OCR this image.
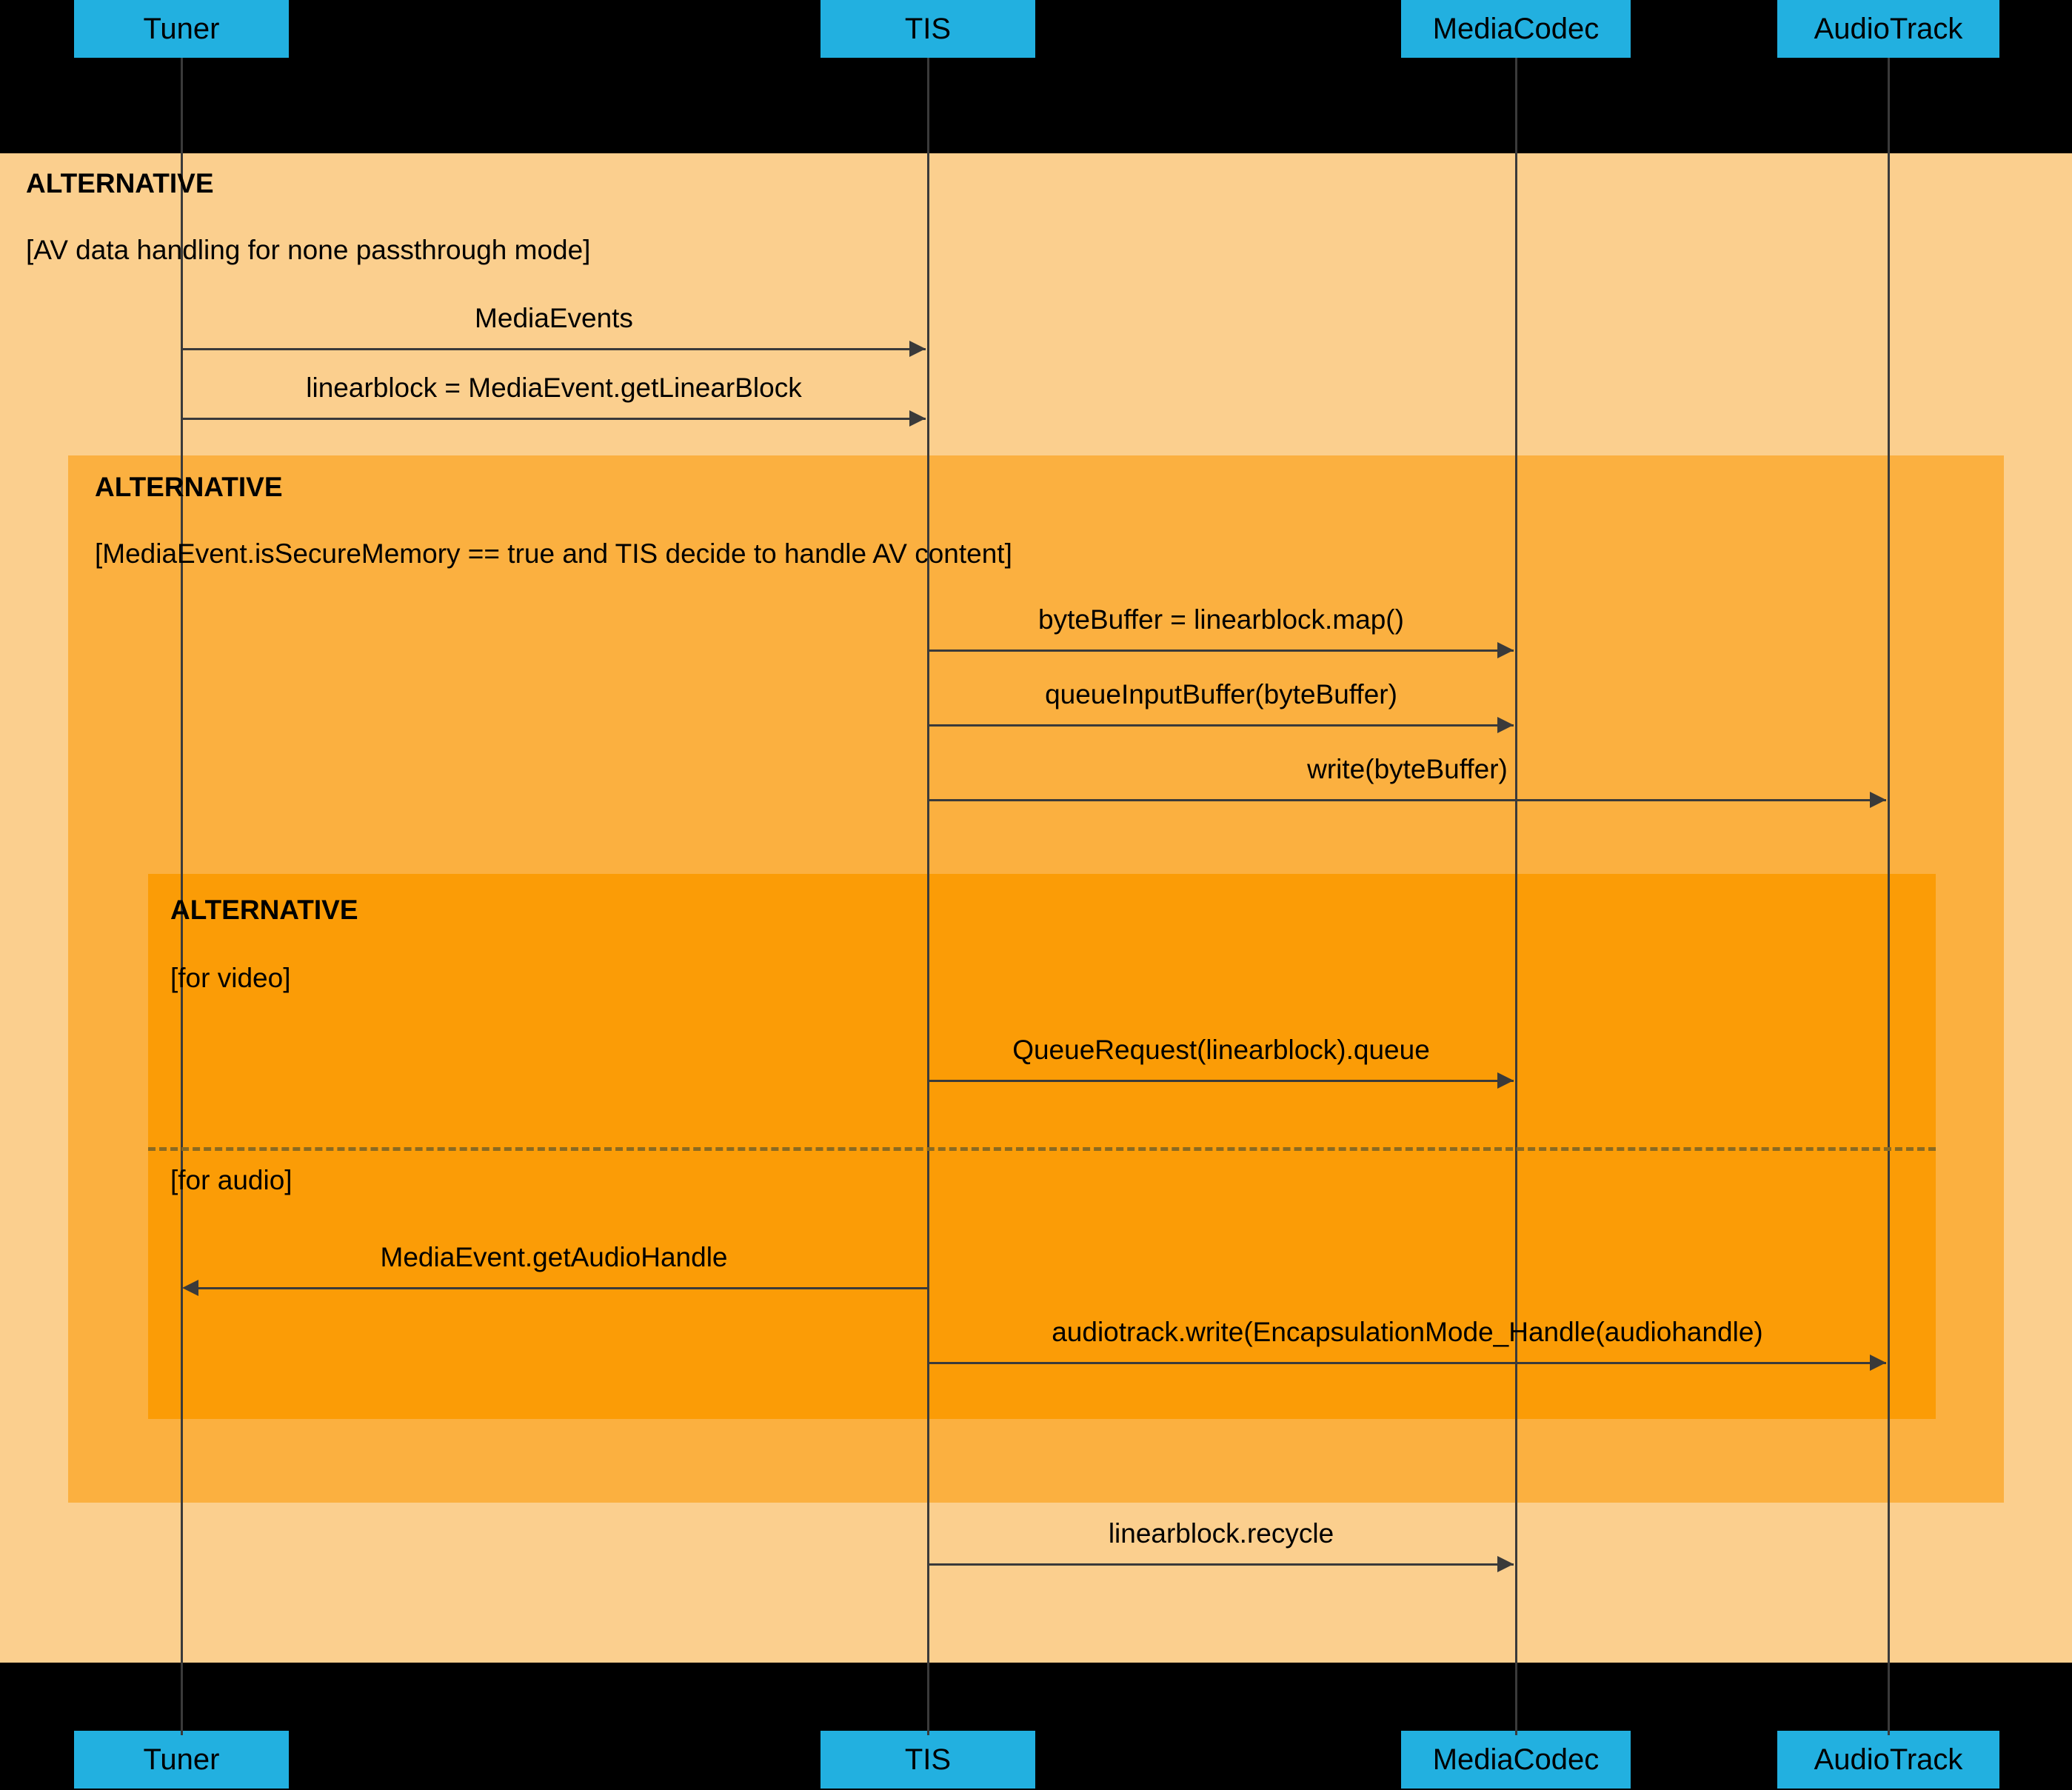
Tuner	TIS	MediaCodec	AudioTrack
Tuner	TIS	MediaCodec	AudioTrack
ALTERNATIVE
[AV data handling for none passthrough mode]
ALTERNATIVE
[MediaEvent.isSecureMemory == true and TIS decide to handle AV content]
ALTERNATIVE
[for video]
[for audio]
MediaEvents
linearblock = MediaEvent.getLinearBlock
byteBuffer = linearblock.map()
queueInputBuffer(byteBuffer)
write(byteBuffer)
QueueRequest(linearblock).queue
MediaEvent.getAudioHandle
audiotrack.write(EncapsulationMode_Handle(audiohandle)
linearblock.recycle
